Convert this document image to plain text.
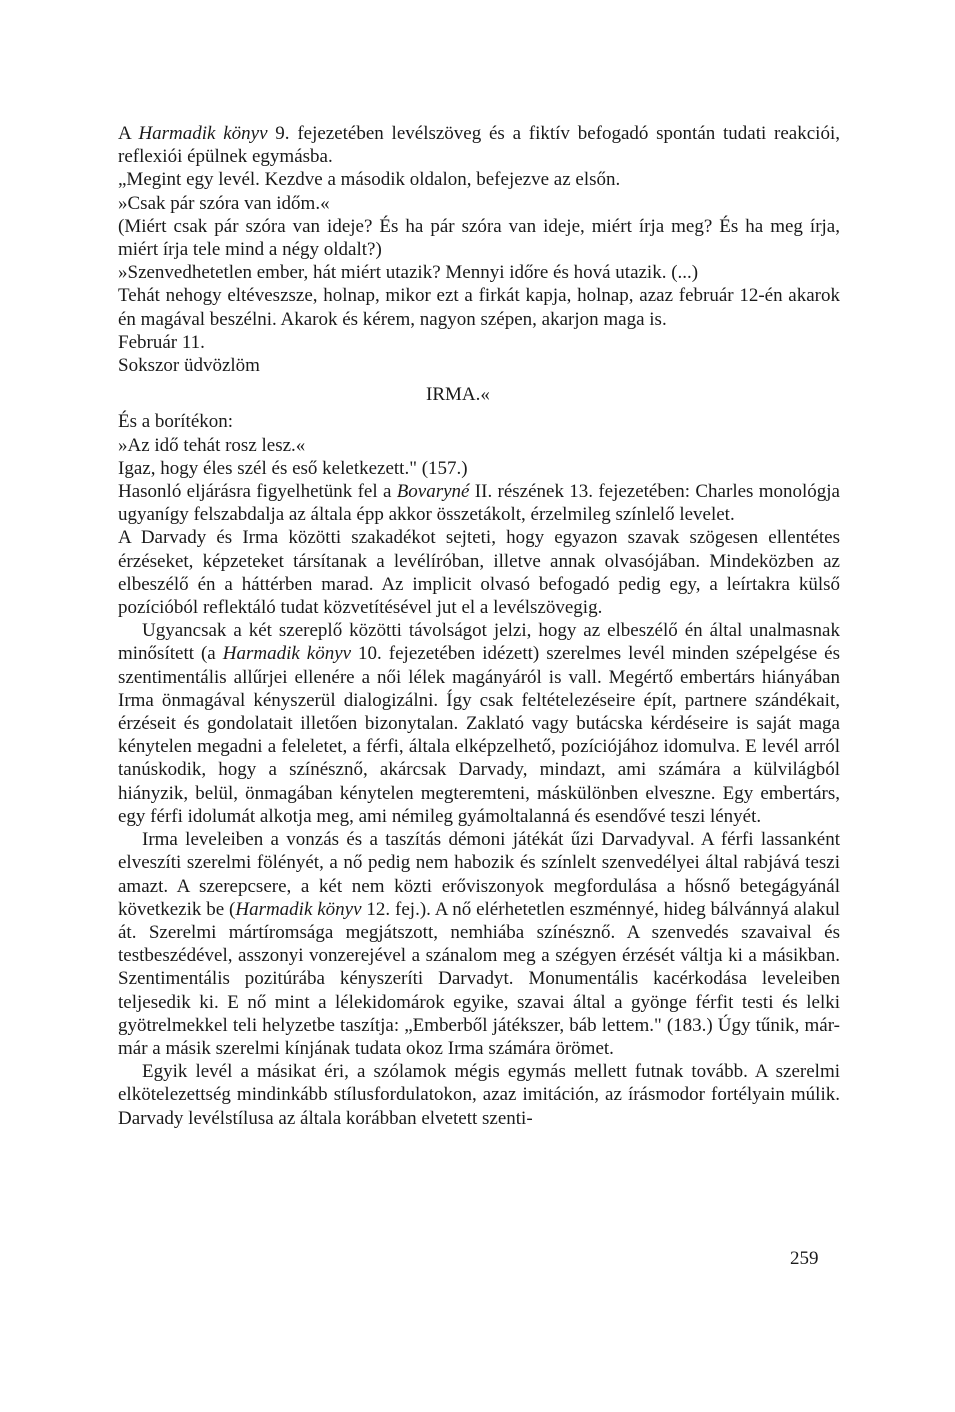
A Harmadik könyv 9. fejezetében levélszöveg és a fiktív befogadó spontán tudati reakciói, reflexiói épülnek egymásba.

„Megint egy levél. Kezdve a második oldalon, befejezve az elsőn.

»Csak pár szóra van időm.«

(Miért csak pár szóra van ideje? És ha pár szóra van ideje, miért írja meg? És ha meg írja, miért írja tele mind a négy oldalt?)

»Szenvedhetetlen ember, hát miért utazik? Mennyi időre és hová utazik. (...)

Tehát nehogy eltéveszsze, holnap, mikor ezt a firkát kapja, holnap, azaz február 12-én akarok én magával beszélni. Akarok és kérem, nagyon szépen, akarjon maga is.

Február 11.

Sokszor üdvözlöm

IRMA.«

És a borítékon:

»Az idő tehát rosz lesz.«

Igaz, hogy éles szél és eső keletkezett." (157.)

Hasonló eljárásra figyelhetünk fel a Bovaryné II. részének 13. fejezetében: Charles monológja ugyanígy felszabdalja az általa épp akkor összetákolt, érzelmileg színlelő levelet.

A Darvady és Irma közötti szakadékot sejteti, hogy egyazon szavak szögesen ellentétes érzéseket, képzeteket társítanak a levélíróban, illetve annak olvasójában. Mindeközben az elbeszélő én a háttérben marad. Az implicit olvasó befogadó pedig egy, a leírtakra külső pozícióból reflektáló tudat közvetítésével jut el a levélszövegig.

Ugyancsak a két szereplő közötti távolságot jelzi, hogy az elbeszélő én által unalmasnak minősített (a Harmadik könyv 10. fejezetében idézett) szerelmes levél minden szépelgése és szentimentális allűrjei ellenére a női lélek magányáról is vall. Megértő embertárs hiányában Irma önmagával kényszerül dialogizálni. Így csak feltételezéseire épít, partnere szándékait, érzéseit és gondolatait illetően bizonytalan. Zaklató vagy butácska kérdéseire is saját maga kénytelen megadni a feleletet, a férfi, általa elképzelhető, pozíciójához idomulva. E levél arról tanúskodik, hogy a színésznő, akárcsak Darvady, mindazt, ami számára a külvilágból hiányzik, belül, önmagában kénytelen megteremteni, máskülönben elveszne. Egy embertárs, egy férfi idolumát alkotja meg, ami némileg gyámoltalanná és esendővé teszi lényét.

Irma leveleiben a vonzás és a taszítás démoni játékát űzi Darvadyval. A férfi lassanként elveszíti szerelmi fölényét, a nő pedig nem habozik és színlelt szenvedélyei által rabjává teszi amazt. A szerepcsere, a két nem közti erőviszonyok megfordulása a hősnő betegágyánál következik be (Harmadik könyv 12. fej.). A nő elérhetetlen eszménnyé, hideg bálvánnyá alakul át. Szerelmi mártíromsága megjátszott, nemhiába színésznő. A szenvedés szavaival és testbeszédével, asszonyi vonzerejével a szánalom meg a szégyen érzését váltja ki a másikban. Szentimentális pozitúrába kényszeríti Darvadyt. Monumentális kacérkodása leveleiben teljesedik ki. E nő mint a lélekidomárok egyike, szavai által a gyönge férfit testi és lelki gyötrelmekkel teli helyzetbe taszítja: „Emberből játékszer, báb lettem." (183.) Úgy tűnik, már-már a másik szerelmi kínjának tudata okoz Irma számára örömet.

Egyik levél a másikat éri, a szólamok mégis egymás mellett futnak tovább. A szerelmi elkötelezettség mindinkább stílusfordulatokon, azaz imitáción, az írásmodor fortélyain múlik. Darvady levélstílusa az általa korábban elvetett szenti-

259
